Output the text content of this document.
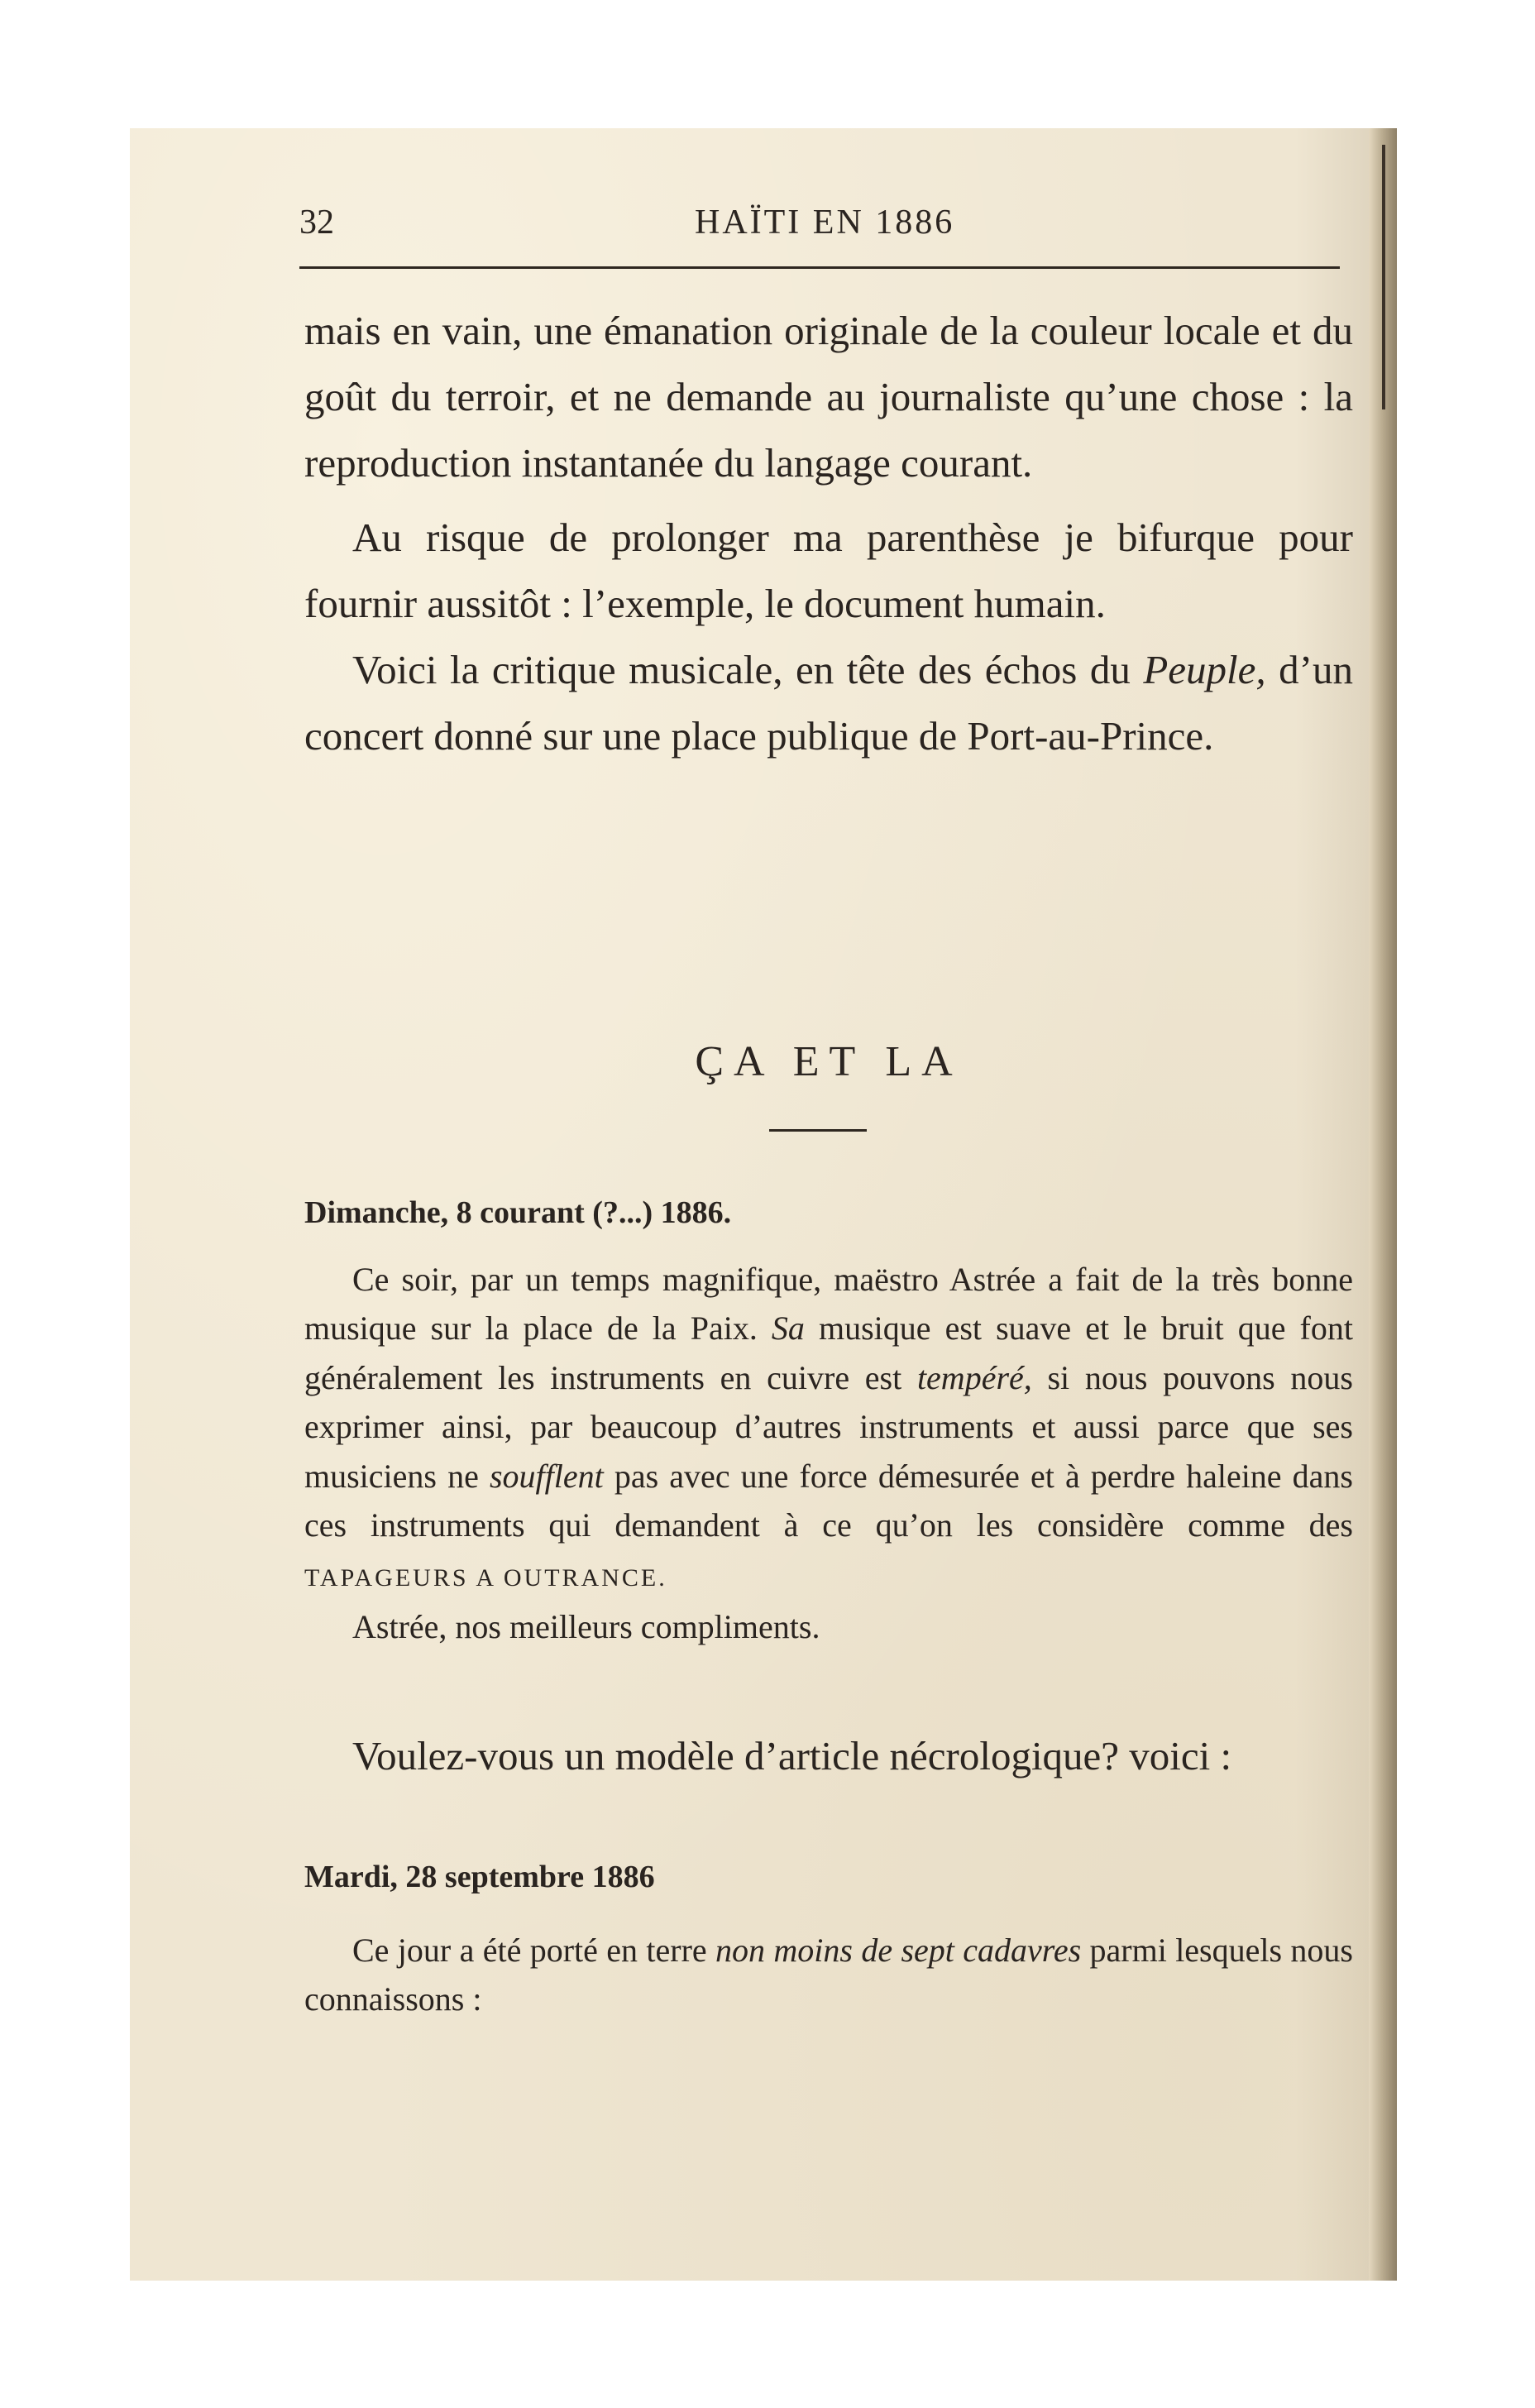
32	HAÏTI EN 1886

mais en vain, une émanation originale de la couleur locale et du goût du terroir, et ne demande au journaliste qu’une chose : la reproduction instantanée du langage courant.

Au risque de prolonger ma parenthèse je bifurque pour fournir aussitôt : l’exemple, le document humain.

Voici la critique musicale, en tête des échos du Peuple, d’un concert donné sur une place publique de Port-au-Prince.

ÇA ET LA

Dimanche, 8 courant (?...) 1886.

Ce soir, par un temps magnifique, maëstro Astrée a fait de la très bonne musique sur la place de la Paix. Sa musique est suave et le bruit que font généralement les instruments en cuivre est tempéré, si nous pouvons nous exprimer ainsi, par beaucoup d’autres instruments et aussi parce que ses musiciens ne soufflent pas avec une force démesurée et à perdre haleine dans ces instruments qui demandent à ce qu’on les considère comme des TAPAGEURS A OUTRANCE.

Astrée, nos meilleurs compliments.

Voulez-vous un modèle d’article nécrologique? voici :

Mardi, 28 septembre 1886

Ce jour a été porté en terre non moins de sept cadavres parmi lesquels nous connaissons :
